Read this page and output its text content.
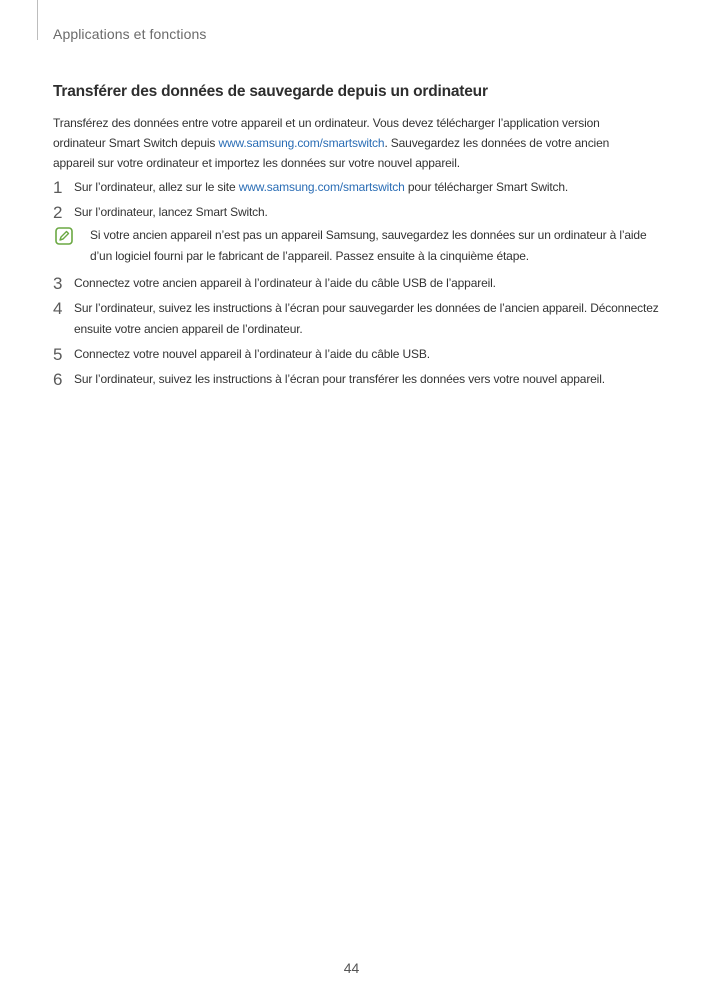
Applications et fonctions
Transférer des données de sauvegarde depuis un ordinateur
Transférez des données entre votre appareil et un ordinateur. Vous devez télécharger l’application version ordinateur Smart Switch depuis www.samsung.com/smartswitch. Sauvegardez les données de votre ancien appareil sur votre ordinateur et importez les données sur votre nouvel appareil.
1 Sur l’ordinateur, allez sur le site www.samsung.com/smartswitch pour télécharger Smart Switch.
2 Sur l’ordinateur, lancez Smart Switch.
Si votre ancien appareil n’est pas un appareil Samsung, sauvegardez les données sur un ordinateur à l’aide d’un logiciel fourni par le fabricant de l’appareil. Passez ensuite à la cinquième étape.
3 Connectez votre ancien appareil à l’ordinateur à l’aide du câble USB de l’appareil.
4 Sur l’ordinateur, suivez les instructions à l’écran pour sauvegarder les données de l’ancien appareil. Déconnectez ensuite votre ancien appareil de l’ordinateur.
5 Connectez votre nouvel appareil à l’ordinateur à l’aide du câble USB.
6 Sur l’ordinateur, suivez les instructions à l’écran pour transférer les données vers votre nouvel appareil.
44
